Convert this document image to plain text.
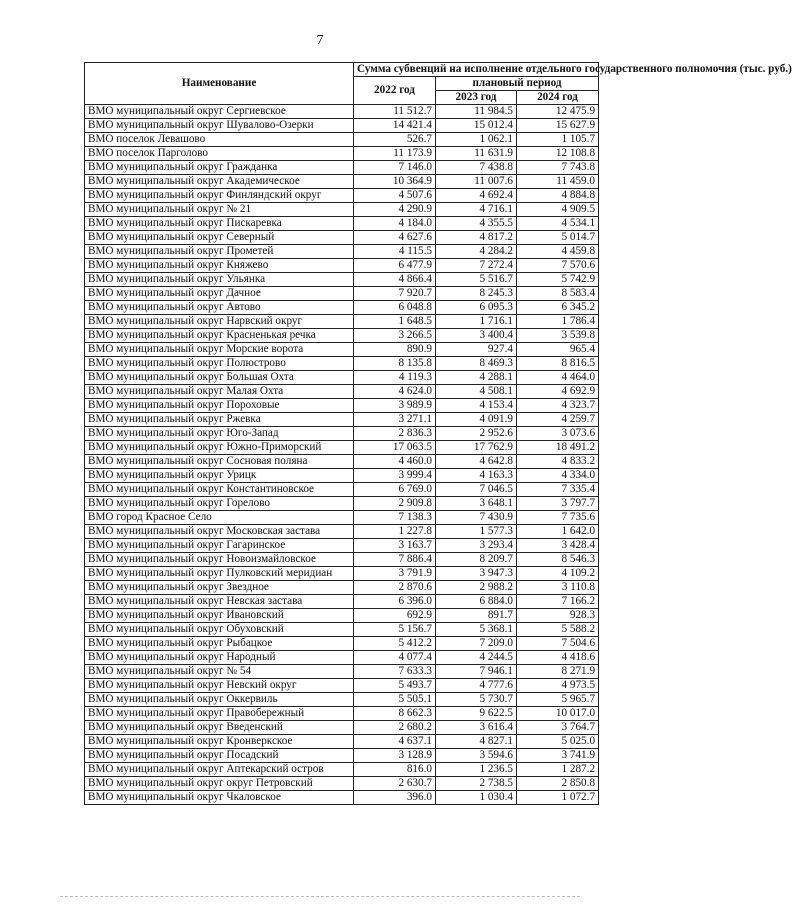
7
Наименование	Сумма субвенций на исполнение отдельного государственного полномочия (тыс. руб.)		
	2022 год	плановый период	
		2023 год	2024 год
ВМО муниципальный округ Сергиевское	11 512.7	11 984.5	12 475.9
ВМО муниципальный округ Шувалово-Озерки	14 421.4	15 012.4	15 627.9
ВМО поселок Левашово	526.7	1 062.1	1 105.7
ВМО поселок Парголово	11 173.9	11 631.9	12 108.8
ВМО муниципальный округ Гражданка	7 146.0	7 438.8	7 743.8
ВМО муниципальный округ Академическое	10 364.9	11 007.6	11 459.0
ВМО муниципальный округ Финляндский округ	4 507.6	4 692.4	4 884.8
ВМО муниципальный округ № 21	4 290.9	4 716.1	4 909.5
ВМО муниципальный округ Пискаревка	4 184.0	4 355.5	4 534.1
ВМО муниципальный округ Северный	4 627.6	4 817.2	5 014.7
ВМО муниципальный округ Прометей	4 115.5	4 284.2	4 459.8
ВМО муниципальный округ Княжево	6 477.9	7 272.4	7 570.6
ВМО муниципальный округ Ульянка	4 866.4	5 516.7	5 742.9
ВМО муниципальный округ Дачное	7 920.7	8 245.3	8 583.4
ВМО муниципальный округ Автово	6 048.8	6 095.3	6 345.2
ВМО муниципальный округ Нарвский округ	1 648.5	1 716.1	1 786.4
ВМО муниципальный округ Красненькая речка	3 266.5	3 400.4	3 539.8
ВМО муниципальный округ Морские ворота	890.9	927.4	965.4
ВМО муниципальный округ Полюстрово	8 135.8	8 469.3	8 816.5
ВМО муниципальный округ Большая Охта	4 119.3	4 288.1	4 464.0
ВМО муниципальный округ Малая Охта	4 624.0	4 508.1	4 692.9
ВМО муниципальный округ Пороховые	3 989.9	4 153.4	4 323.7
ВМО муниципальный округ Ржевка	3 271.1	4 091.9	4 259.7
ВМО муниципальный округ Юго-Запад	2 836.3	2 952.6	3 073.6
ВМО муниципальный округ Южно-Приморский	17 063.5	17 762.9	18 491.2
ВМО муниципальный округ Сосновая поляна	4 460.0	4 642.8	4 833.2
ВМО муниципальный округ Урицк	3 999.4	4 163.3	4 334.0
ВМО муниципальный округ Константиновское	6 769.0	7 046.5	7 335.4
ВМО муниципальный округ Горелово	2 909.8	3 648.1	3 797.7
ВМО город Красное Село	7 138.3	7 430.9	7 735.6
ВМО муниципальный округ Московская застава	1 227.8	1 577.3	1 642.0
ВМО муниципальный округ Гагаринское	3 163.7	3 293.4	3 428.4
ВМО муниципальный округ Новоизмайловское	7 886.4	8 209.7	8 546.3
ВМО муниципальный округ Пулковский меридиан	3 791.9	3 947.3	4 109.2
ВМО муниципальный округ Звездное	2 870.6	2 988.2	3 110.8
ВМО муниципальный округ Невская застава	6 396.0	6 884.0	7 166.2
ВМО муниципальный округ Ивановский	692.9	891.7	928.3
ВМО муниципальный округ Обуховский	5 156.7	5 368.1	5 588.2
ВМО муниципальный округ Рыбацкое	5 412.2	7 209.0	7 504.6
ВМО муниципальный округ Народный	4 077.4	4 244.5	4 418.6
ВМО муниципальный округ № 54	7 633.3	7 946.1	8 271.9
ВМО муниципальный округ Невский округ	5 493.7	4 777.6	4 973.5
ВМО муниципальный округ Оккервиль	5 505.1	5 730.7	5 965.7
ВМО муниципальный округ Правобережный	8 662.3	9 622.5	10 017.0
ВМО муниципальный округ Введенский	2 680.2	3 616.4	3 764.7
ВМО муниципальный округ Кронверкское	4 637.1	4 827.1	5 025.0
ВМО муниципальный округ Посадский	3 128.9	3 594.6	3 741.9
ВМО муниципальный округ Аптекарский остров	816.0	1 236.5	1 287.2
ВМО муниципальный округ округ Петровский	2 630.7	2 738.5	2 850.8
ВМО муниципальный округ Чкаловское	396.0	1 030.4	1 072.7
